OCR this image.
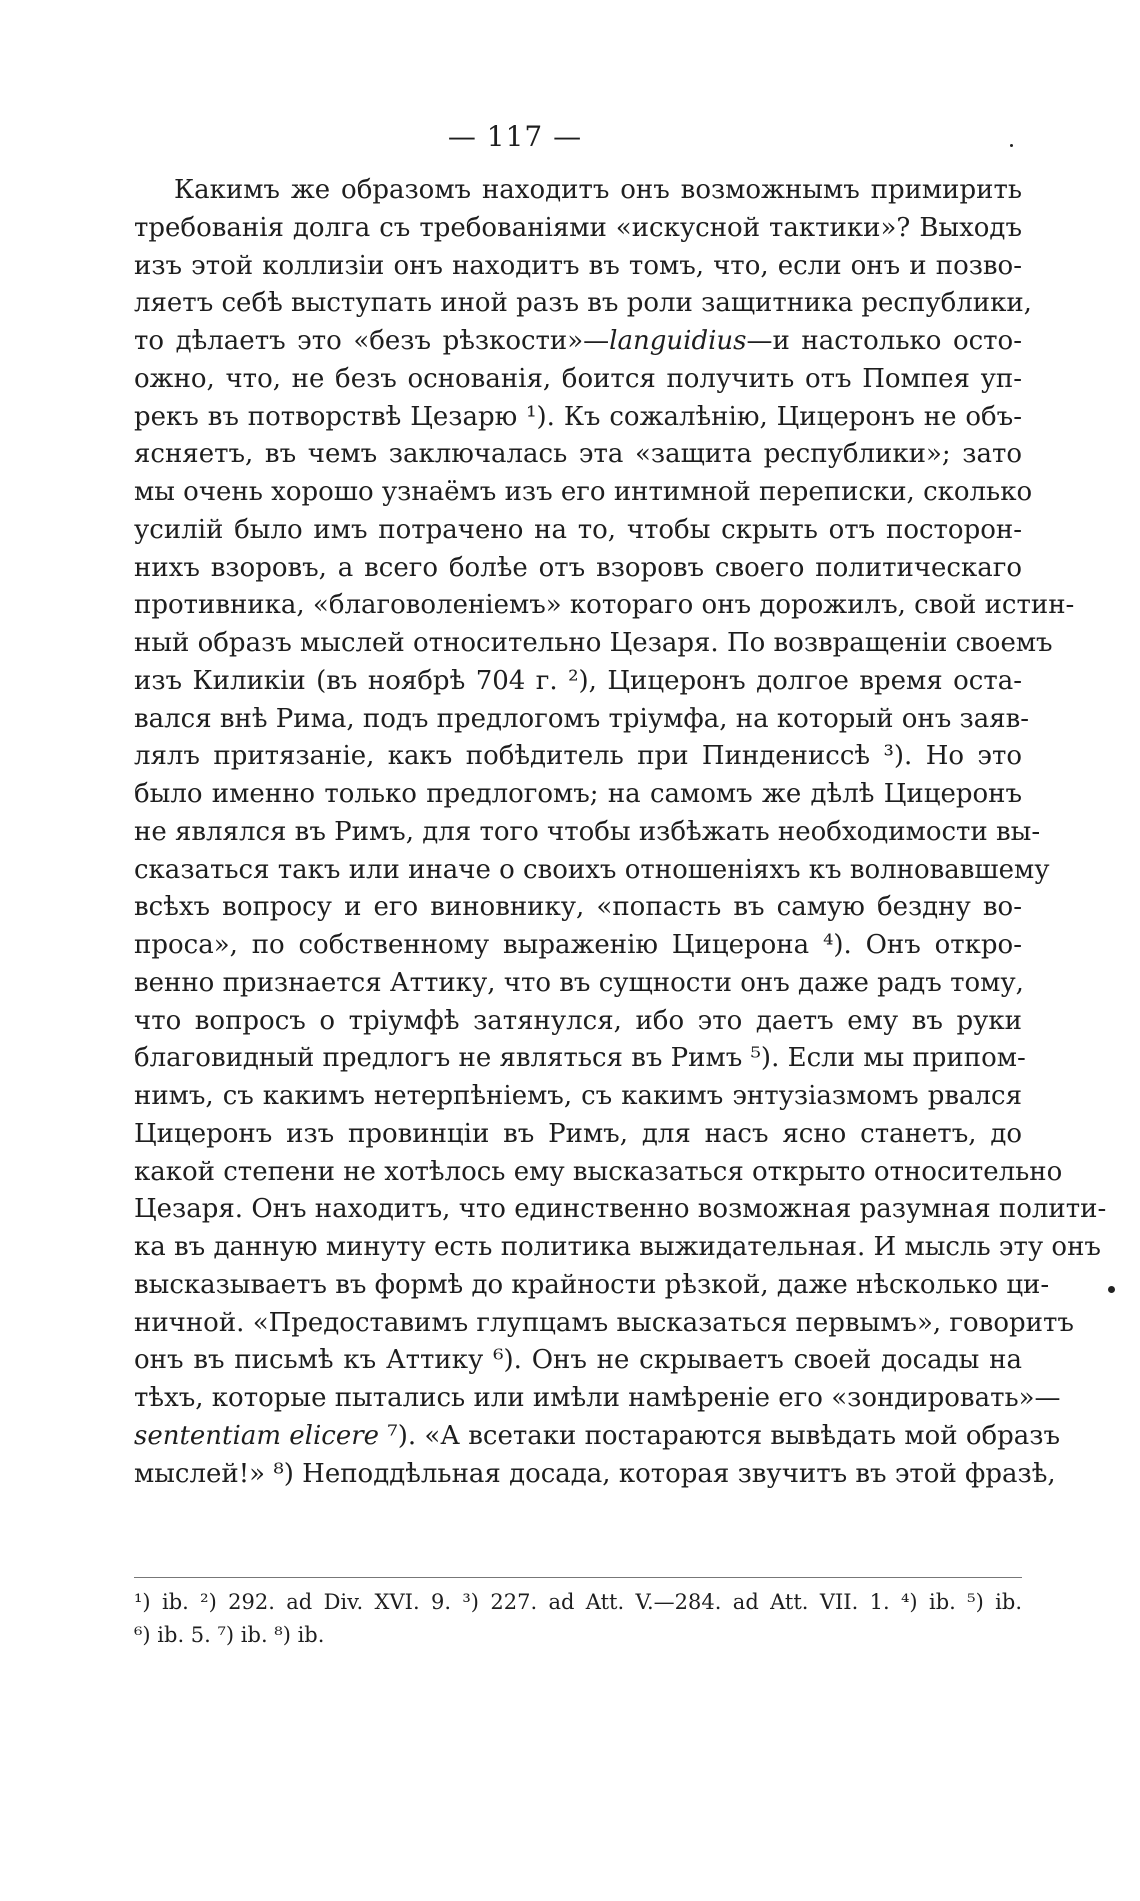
— 117 —
Какимъ же образомъ находитъ онъ возможнымъ примирить
требованія долга съ требованіями «искусной тактики»? Выходъ
изъ этой коллизіи онъ находитъ въ томъ, что, если онъ и позво-
ляетъ себѣ выступать иной разъ въ роли защитника республики,
то дѣлаетъ это «безъ рѣзкости»—languidius—и настолько осто-
ожно, что, не безъ основанія, боится получить отъ Помпея уп-
рекъ въ потворствѣ Цезарю ¹). Къ сожалѣнію, Цицеронъ не объ-
ясняетъ, въ чемъ заключалась эта «защита республики»; зато
мы очень хорошо узнаёмъ изъ его интимной переписки, сколько
усилій было имъ потрачено на то, чтобы скрыть отъ посторон-
нихъ взоровъ, а всего болѣе отъ взоровъ своего политическаго
противника, «благоволеніемъ» котораго онъ дорожилъ, свой истин-
ный образъ мыслей относительно Цезаря. По возвращеніи своемъ
изъ Киликіи (въ ноябрѣ 704 г. ²), Цицеронъ долгое время оста-
вался внѣ Рима, подъ предлогомъ тріумфа, на который онъ заяв-
лялъ притязаніе, какъ побѣдитель при Пиндениссѣ ³). Но это
было именно только предлогомъ; на самомъ же дѣлѣ Цицеронъ
не являлся въ Римъ, для того чтобы избѣжать необходимости вы-
сказаться такъ или иначе о своихъ отношеніяхъ къ волновавшему
всѣхъ вопросу и его виновнику, «попасть въ самую бездну во-
проса», по собственному выраженію Цицерона ⁴). Онъ откро-
венно признается Аттику, что въ сущности онъ даже радъ тому,
что вопросъ о тріумфѣ затянулся, ибо это даетъ ему въ руки
благовидный предлогъ не являться въ Римъ ⁵). Если мы припом-
нимъ, съ какимъ нетерпѣніемъ, съ какимъ энтузіазмомъ рвался
Цицеронъ изъ провинціи въ Римъ, для насъ ясно станетъ, до
какой степени не хотѣлось ему высказаться открыто относительно
Цезаря. Онъ находитъ, что единственно возможная разумная полити-
ка въ данную минуту есть политика выжидательная. И мысль эту онъ
высказываетъ въ формѣ до крайности рѣзкой, даже нѣсколько ци-
ничной. «Предоставимъ глупцамъ высказаться первымъ», говоритъ
онъ въ письмѣ къ Аттику ⁶). Онъ не скрываетъ своей досады на
тѣхъ, которые пытались или имѣли намѣреніе его «зондировать»—
sententiam elicere ⁷). «А всетаки постараются вывѣдать мой образъ
мыслей!» ⁸) Неподдѣльная досада, которая звучитъ въ этой фразѣ,
¹) ib. ²) 292. ad Div. XVI. 9. ³) 227. ad Att. V.—284. ad Att. VII. 1. ⁴) ib. ⁵) ib.
⁶) ib. 5. ⁷) ib. ⁸) ib.
